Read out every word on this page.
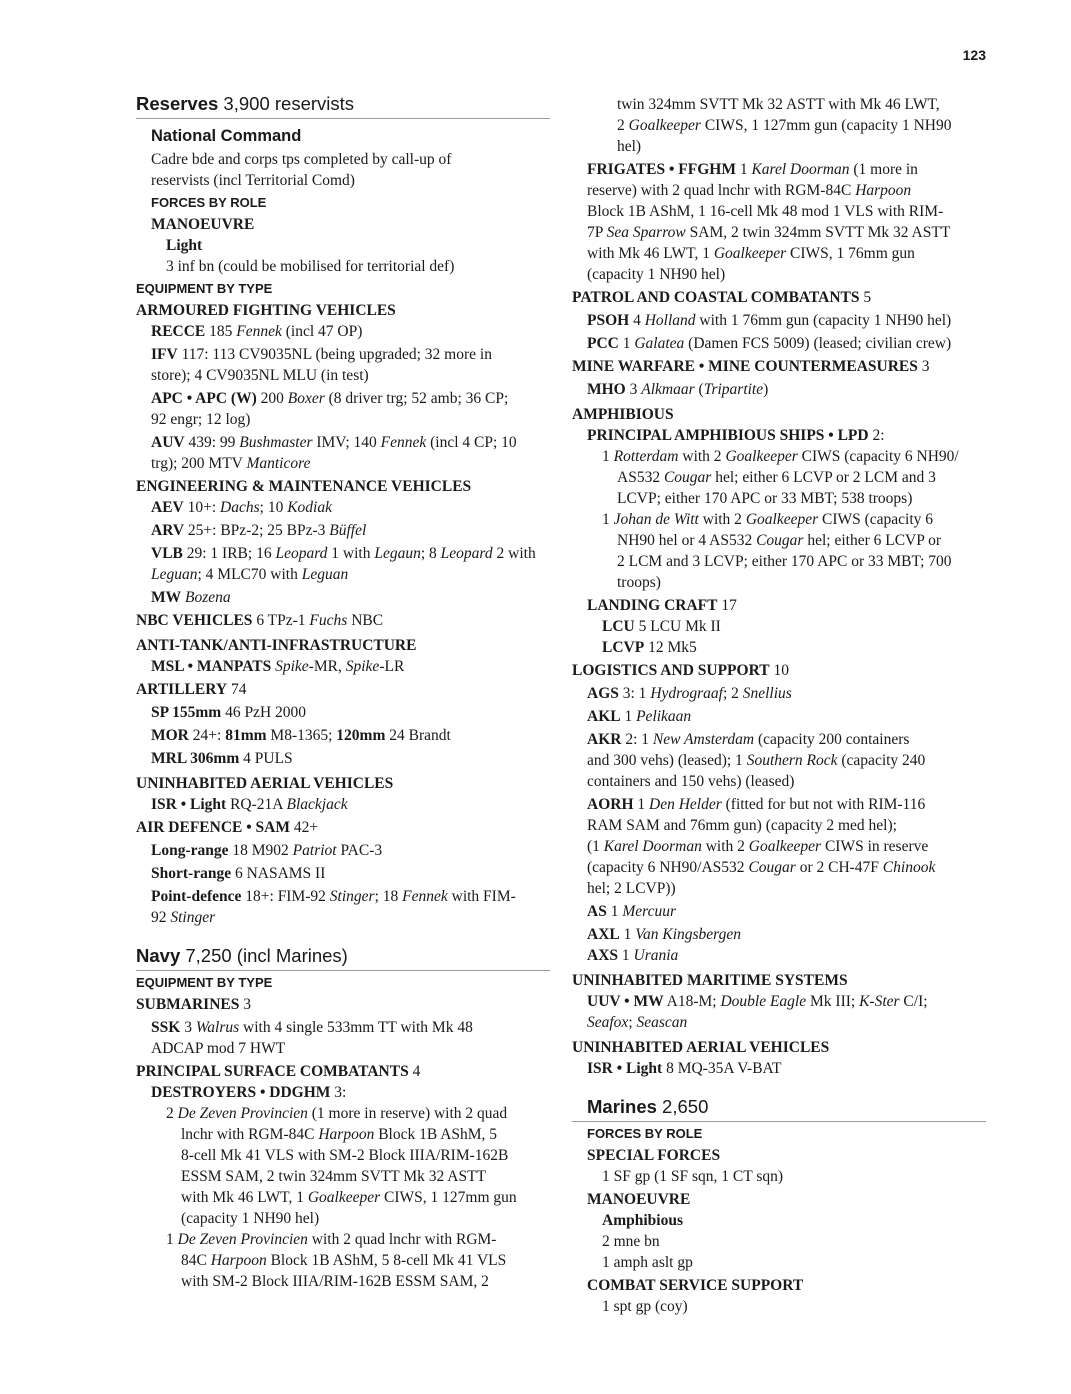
123
Reserves 3,900 reservists
National Command
Cadre bde and corps tps completed by call-up of
reservists (incl Territorial Comd)
FORCES BY ROLE
MANOEUVRE
Light
3 inf bn (could be mobilised for territorial def)
EQUIPMENT BY TYPE
ARMOURED FIGHTING VEHICLES
RECCE 185 Fennek (incl 47 OP)
IFV 117: 113 CV9035NL (being upgraded; 32 more in
store); 4 CV9035NL MLU (in test)
APC • APC (W) 200 Boxer (8 driver trg; 52 amb; 36 CP;
92 engr; 12 log)
AUV 439: 99 Bushmaster IMV; 140 Fennek (incl 4 CP; 10
trg); 200 MTV Manticore
ENGINEERING & MAINTENANCE VEHICLES
AEV 10+: Dachs; 10 Kodiak
ARV 25+: BPz-2; 25 BPz-3 Büffel
VLB 29: 1 IRB; 16 Leopard 1 with Legaun; 8 Leopard 2 with
Leguan; 4 MLC70 with Leguan
MW Bozena
NBC VEHICLES 6 TPz-1 Fuchs NBC
ANTI-TANK/ANTI-INFRASTRUCTURE
MSL • MANPATS Spike-MR, Spike-LR
ARTILLERY 74
SP 155mm 46 PzH 2000
MOR 24+: 81mm M8-1365; 120mm 24 Brandt
MRL 306mm 4 PULS
UNINHABITED AERIAL VEHICLES
ISR • Light RQ-21A Blackjack
AIR DEFENCE • SAM 42+
Long-range 18 M902 Patriot PAC-3
Short-range 6 NASAMS II
Point-defence 18+: FIM-92 Stinger; 18 Fennek with FIM-
92 Stinger
Navy 7,250 (incl Marines)
EQUIPMENT BY TYPE
SUBMARINES 3
SSK 3 Walrus with 4 single 533mm TT with Mk 48
ADCAP mod 7 HWT
PRINCIPAL SURFACE COMBATANTS 4
DESTROYERS • DDGHM 3:
2 De Zeven Provincien (1 more in reserve) with 2 quad
lnchr with RGM-84C Harpoon Block 1B AShM, 5
8-cell Mk 41 VLS with SM-2 Block IIIA/RIM-162B
ESSM SAM, 2 twin 324mm SVTT Mk 32 ASTT
with Mk 46 LWT, 1 Goalkeeper CIWS, 1 127mm gun
(capacity 1 NH90 hel)
1 De Zeven Provincien with 2 quad lnchr with RGM-
84C Harpoon Block 1B AShM, 5 8-cell Mk 41 VLS
with SM-2 Block IIIA/RIM-162B ESSM SAM, 2
twin 324mm SVTT Mk 32 ASTT with Mk 46 LWT,
2 Goalkeeper CIWS, 1 127mm gun (capacity 1 NH90
hel)
FRIGATES • FFGHM 1 Karel Doorman (1 more in
reserve) with 2 quad lnchr with RGM-84C Harpoon
Block 1B AShM, 1 16-cell Mk 48 mod 1 VLS with RIM-
7P Sea Sparrow SAM, 2 twin 324mm SVTT Mk 32 ASTT
with Mk 46 LWT, 1 Goalkeeper CIWS, 1 76mm gun
(capacity 1 NH90 hel)
PATROL AND COASTAL COMBATANTS 5
PSOH 4 Holland with 1 76mm gun (capacity 1 NH90 hel)
PCC 1 Galatea (Damen FCS 5009) (leased; civilian crew)
MINE WARFARE • MINE COUNTERMEASURES 3
MHO 3 Alkmaar (Tripartite)
AMPHIBIOUS
PRINCIPAL AMPHIBIOUS SHIPS • LPD 2:
1 Rotterdam with 2 Goalkeeper CIWS (capacity 6 NH90/
AS532 Cougar hel; either 6 LCVP or 2 LCM and 3
LCVP; either 170 APC or 33 MBT; 538 troops)
1 Johan de Witt with 2 Goalkeeper CIWS (capacity 6
NH90 hel or 4 AS532 Cougar hel; either 6 LCVP or
2 LCM and 3 LCVP; either 170 APC or 33 MBT; 700
troops)
LANDING CRAFT 17
LCU 5 LCU Mk II
LCVP 12 Mk5
LOGISTICS AND SUPPORT 10
AGS 3: 1 Hydrograaf; 2 Snellius
AKL 1 Pelikaan
AKR 2: 1 New Amsterdam (capacity 200 containers
and 300 vehs) (leased); 1 Southern Rock (capacity 240
containers and 150 vehs) (leased)
AORH 1 Den Helder (fitted for but not with RIM-116
RAM SAM and 76mm gun) (capacity 2 med hel);
(1 Karel Doorman with 2 Goalkeeper CIWS in reserve
(capacity 6 NH90/AS532 Cougar or 2 CH-47F Chinook
hel; 2 LCVP))
AS 1 Mercuur
AXL 1 Van Kingsbergen
AXS 1 Urania
UNINHABITED MARITIME SYSTEMS
UUV • MW A18-M; Double Eagle Mk III; K-Ster C/I;
Seafox; Seascan
UNINHABITED AERIAL VEHICLES
ISR • Light 8 MQ-35A V-BAT
Marines 2,650
FORCES BY ROLE
SPECIAL FORCES
1 SF gp (1 SF sqn, 1 CT sqn)
MANOEUVRE
Amphibious
2 mne bn
1 amph aslt gp
COMBAT SERVICE SUPPORT
1 spt gp (coy)
